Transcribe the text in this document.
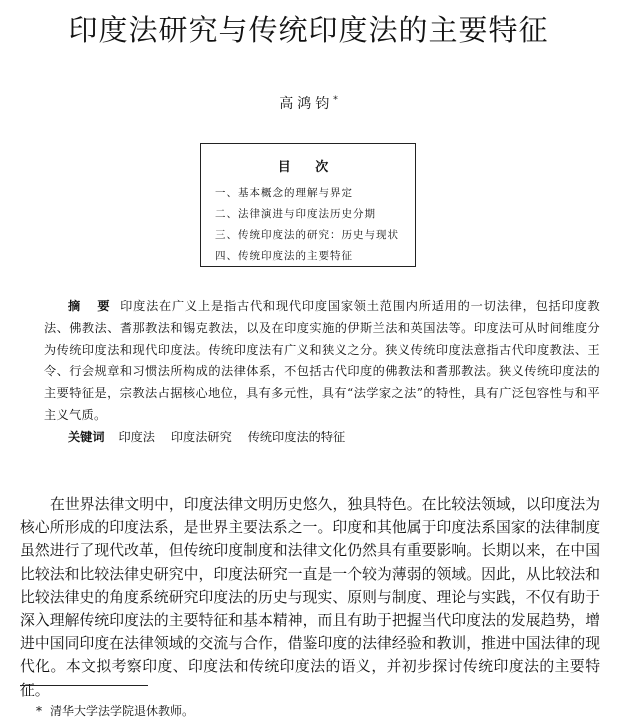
印度法研究与传统印度法的主要特征
高鸿钧*
目 次
一、基本概念的理解与界定
二、法律演进与印度法历史分期
三、传统印度法的研究：历史与现状
四、传统印度法的主要特征
摘 要 印度法在广义上是指古代和现代印度国家领土范围内所适用的一切法律，包括印度教法、佛教法、耆那教法和锡克教法，以及在印度实施的伊斯兰法和英国法等。印度法可从时间维度分为传统印度法和现代印度法。传统印度法有广义和狭义之分。狭义传统印度法意指古代印度教法、王令、行会规章和习惯法所构成的法律体系，不包括古代印度的佛教法和耆那教法。狭义传统印度法的主要特征是，宗教法占据核心地位，具有多元性，具有“法学家之法”的特性，具有广泛包容性与和平主义气质。
关键词 印度法 印度法研究 传统印度法的特征
在世界法律文明中，印度法律文明历史悠久，独具特色。在比较法领域，以印度法为核心所形成的印度法系，是世界主要法系之一。印度和其他属于印度法系国家的法律制度虽然进行了现代改革，但传统印度制度和法律文化仍然具有重要影响。长期以来，在中国比较法和比较法律史研究中，印度法研究一直是一个较为薄弱的领域。因此，从比较法和比较法律史的角度系统研究印度法的历史与现实、原则与制度、理论与实践，不仅有助于深入理解传统印度法的主要特征和基本精神，而且有助于把握当代印度法的发展趋势，增进中国同印度在法律领域的交流与合作，借鉴印度的法律经验和教训，推进中国法律的现代化。本文拟考察印度、印度法和传统印度法的语义，并初步探讨传统印度法的主要特征。
* 清华大学法学院退休教师。
